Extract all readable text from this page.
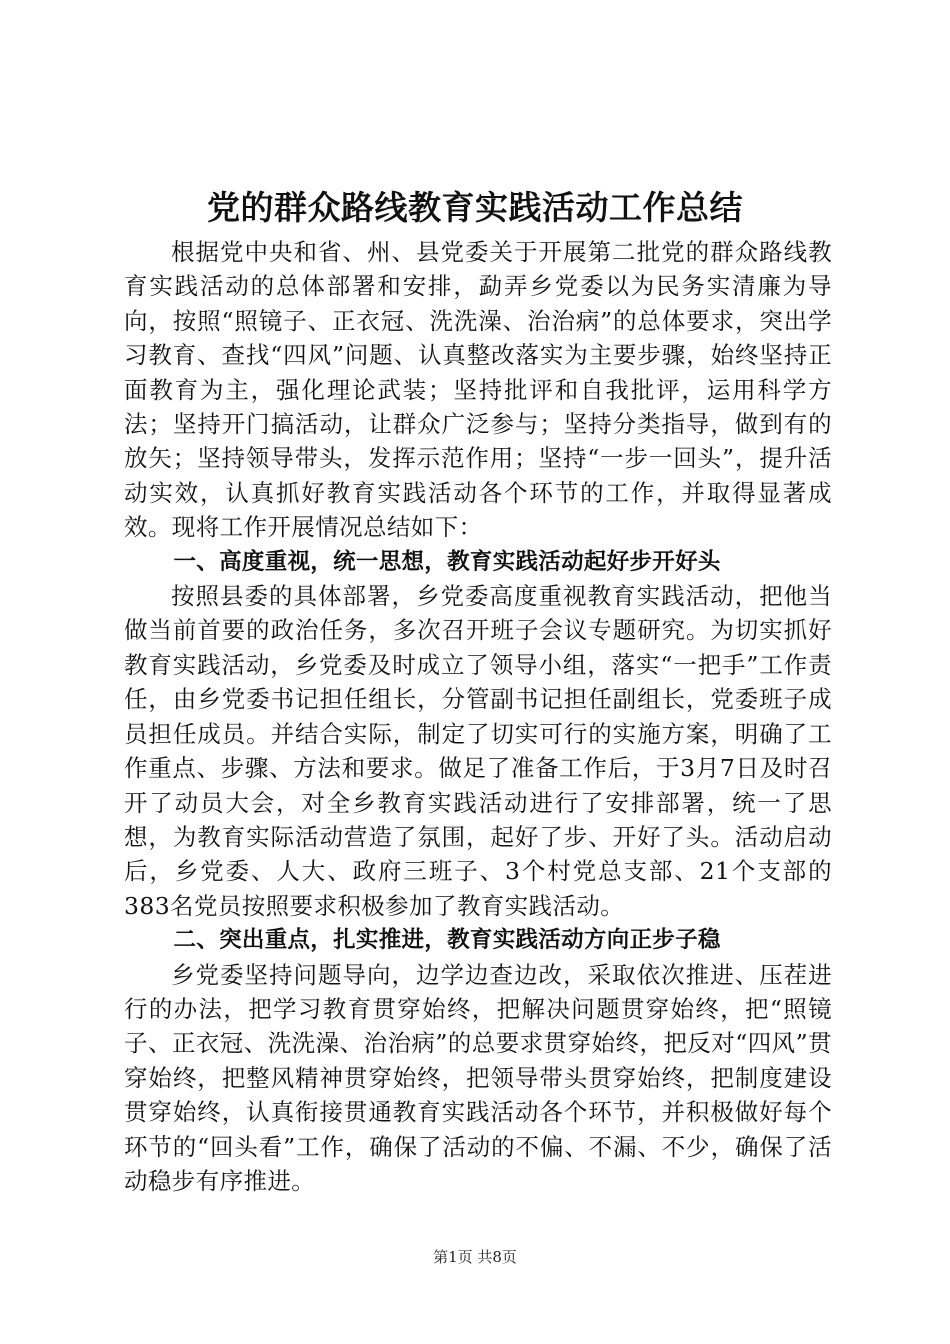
党的群众路线教育实践活动工作总结

根据党中央和省、州、县党委关于开展第二批党的群众路线教育实践活动的总体部署和安排，勐弄乡党委以为民务实清廉为导向，按照“照镜子、正衣冠、洗洗澡、治治病”的总体要求，突出学习教育、查找“四风”问题、认真整改落实为主要步骤，始终坚持正面教育为主，强化理论武装；坚持批评和自我批评，运用科学方法；坚持开门搞活动，让群众广泛参与；坚持分类指导，做到有的放矢；坚持领导带头，发挥示范作用；坚持“一步一回头”，提升活动实效，认真抓好教育实践活动各个环节的工作，并取得显著成效。现将工作开展情况总结如下：

一、高度重视，统一思想，教育实践活动起好步开好头

按照县委的具体部署，乡党委高度重视教育实践活动，把他当做当前首要的政治任务，多次召开班子会议专题研究。为切实抓好教育实践活动，乡党委及时成立了领导小组，落实“一把手”工作责任，由乡党委书记担任组长，分管副书记担任副组长，党委班子成员担任成员。并结合实际，制定了切实可行的实施方案，明确了工作重点、步骤、方法和要求。做足了准备工作后，于3月7日及时召开了动员大会，对全乡教育实践活动进行了安排部署，统一了思想，为教育实际活动营造了氛围，起好了步、开好了头。活动启动后，乡党委、人大、政府三班子、3个村党总支部、21个支部的383名党员按照要求积极参加了教育实践活动。

二、突出重点，扎实推进，教育实践活动方向正步子稳

乡党委坚持问题导向，边学边查边改，采取依次推进、压茬进行的办法，把学习教育贯穿始终，把解决问题贯穿始终，把“照镜子、正衣冠、洗洗澡、治治病”的总要求贯穿始终，把反对“四风”贯穿始终，把整风精神贯穿始终，把领导带头贯穿始终，把制度建设贯穿始终，认真衔接贯通教育实践活动各个环节，并积极做好每个环节的“回头看”工作，确保了活动的不偏、不漏、不少，确保了活动稳步有序推进。

第1页 共8页
